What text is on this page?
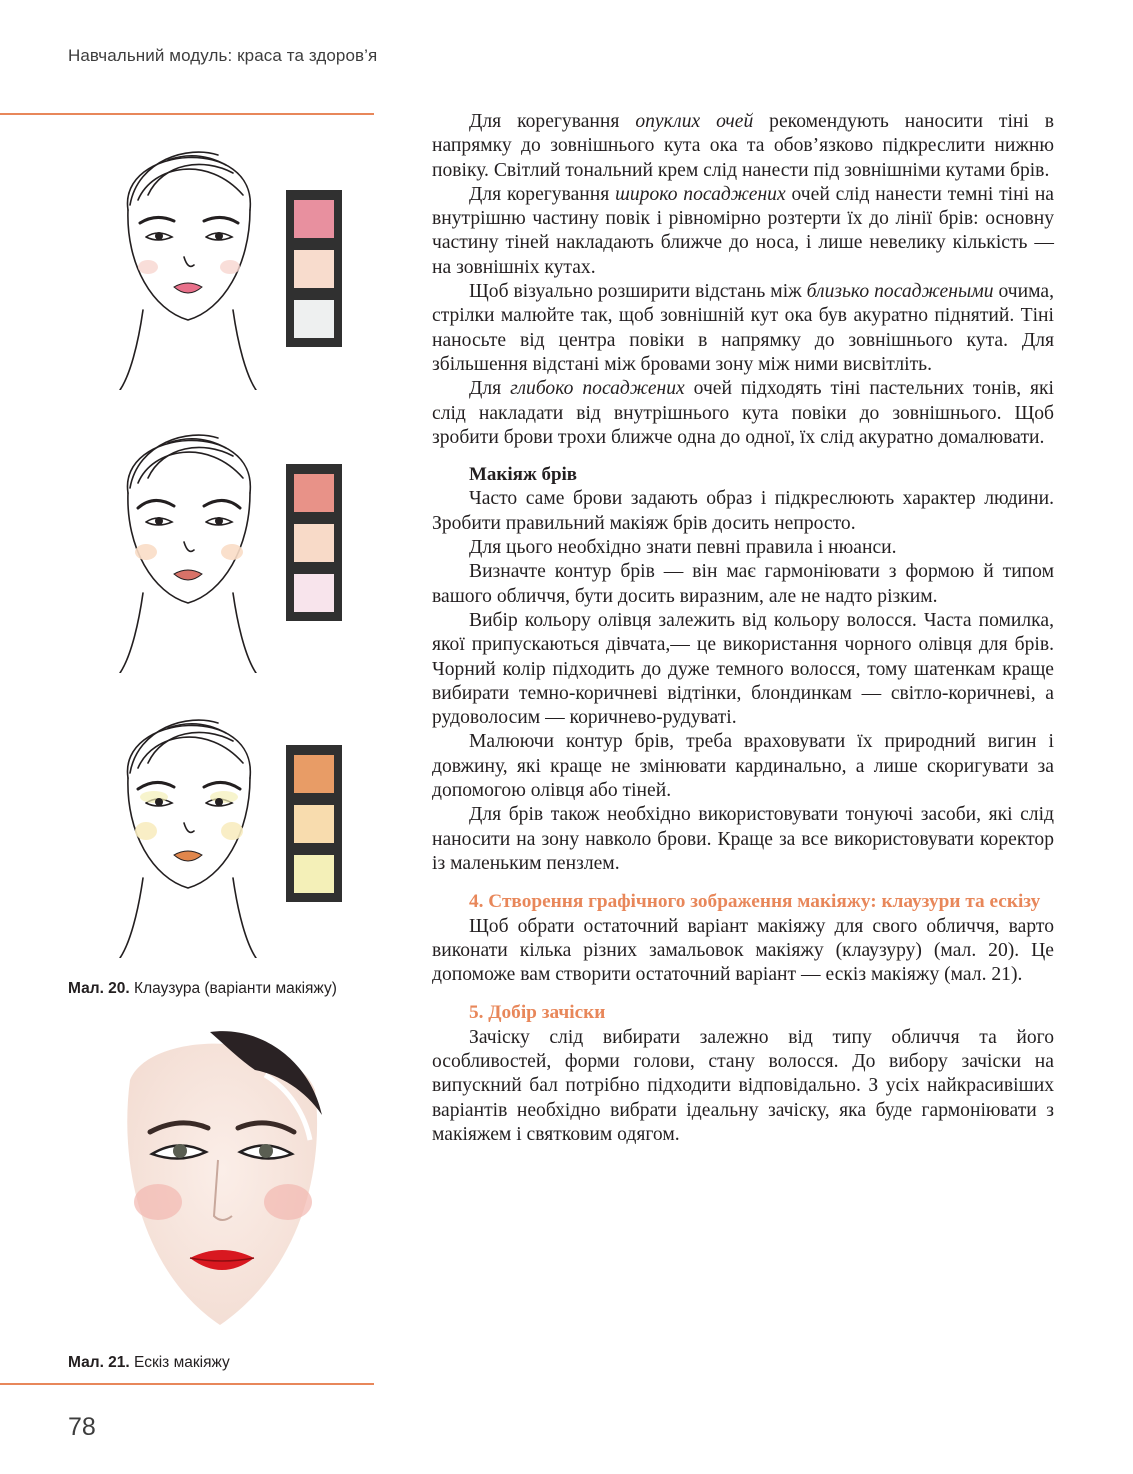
Навчальний модуль: краса та здоров’я
Мал. 20. Клаузура (варіанти макіяжу)
Мал. 21. Ескіз макіяжу
78

Для корегування опуклих очей рекомендують наносити тіні в напрямку до зовнішнього кута ока та обов’язково підкреслити нижню повіку. Світлий тональний крем слід нанести під зовнішніми кутами брів.

Для корегування широко посаджених очей слід нанести темні тіні на внутрішню частину повік і рівномірно розтерти їх до лінії брів: основну частину тіней накладають ближче до носа, і лише невелику кількість — на зовнішніх кутах.

Щоб візуально розширити відстань між близько посаджеными очима, стрілки малюйте так, щоб зовнішній кут ока був акуратно піднятий. Тіні наносьте від центра повіки в напрямку до зовнішнього кута. Для збільшення відстані між бровами зону між ними висвітліть.

Для глибоко посаджених очей підходять тіні пастельних тонів, які слід накладати від внутрішнього кута повіки до зовнішнього. Щоб зробити брови трохи ближче одна до одної, їх слід акуратно домалювати.

Макіяж брів

Часто саме брови задають образ і підкреслюють характер людини. Зробити правильний макіяж брів досить непросто.

Для цього необхідно знати певні правила і нюанси.

Визначте контур брів — він має гармоніювати з формою й типом вашого обличчя, бути досить виразним, але не надто різким.

Вибір кольору олівця залежить від кольору волосся. Часта помилка, якої припускаються дівчата,— це використання чорного олівця для брів. Чорний колір підходить до дуже темного волосся, тому шатенкам краще вибирати темно-коричневі відтінки, блондинкам — світло-коричневі, а рудоволосим — коричнево-рудуваті.

Малюючи контур брів, треба враховувати їх природний вигин і довжину, які краще не змінювати кардинально, а лише скоригувати за допомогою олівця або тіней.

Для брів також необхідно використовувати тонуючі засоби, які слід наносити на зону навколо брови. Краще за все використовувати коректор із маленьким пензлем.

4. Створення графічного зображення макіяжу: клаузури та ескізу

Щоб обрати остаточний варіант макіяжу для свого обличчя, варто виконати кілька різних замальовок макіяжу (клаузуру) (мал. 20). Це допоможе вам створити остаточний варіант — ескіз макіяжу (мал. 21).

5. Добір зачіски

Зачіску слід вибирати залежно від типу обличчя та його особливостей, форми голови, стану волосся. До вибору зачіски на випускний бал потрібно підходити відповідально. З усіх найкрасивіших варіантів необхідно вибрати ідеальну зачіску, яка буде гармоніювати з макіяжем і святковим одягом.
